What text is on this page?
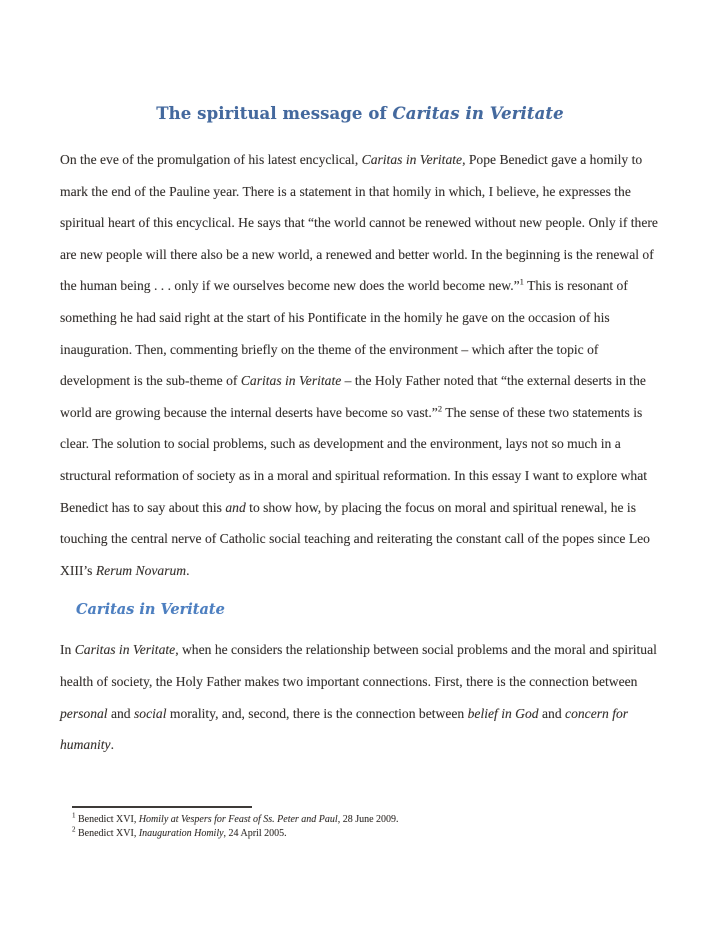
The spiritual message of Caritas in Veritate

On the eve of the promulgation of his latest encyclical, Caritas in Veritate, Pope Benedict gave a homily to mark the end of the Pauline year. There is a statement in that homily in which, I believe, he expresses the spiritual heart of this encyclical. He says that “the world cannot be renewed without new people. Only if there are new people will there also be a new world, a renewed and better world. In the beginning is the renewal of the human being . . . only if we ourselves become new does the world become new.”$^1$ This is resonant of something he had said right at the start of his Pontificate in the homily he gave on the occasion of his inauguration. Then, commenting briefly on the theme of the environment – which after the topic of development is the sub-theme of Caritas in Veritate – the Holy Father noted that “the external deserts in the world are growing because the internal deserts have become so vast.”$^2$ The sense of these two statements is clear. The solution to social problems, such as development and the environment, lays not so much in a structural reformation of society as in a moral and spiritual reformation. In this essay I want to explore what Benedict has to say about this and to show how, by placing the focus on moral and spiritual renewal, he is touching the central nerve of Catholic social teaching and reiterating the constant call of the popes since Leo XIII’s Rerum Novarum.

Caritas in Veritate

In Caritas in Veritate, when he considers the relationship between social problems and the moral and spiritual health of society, the Holy Father makes two important connections. First, there is the connection between personal and social morality, and, second, there is the connection between belief in God and concern for humanity.

$^1$ Benedict XVI, Homily at Vespers for Feast of Ss. Peter and Paul, 28 June 2009.
$^2$ Benedict XVI, Inauguration Homily, 24 April 2005.
